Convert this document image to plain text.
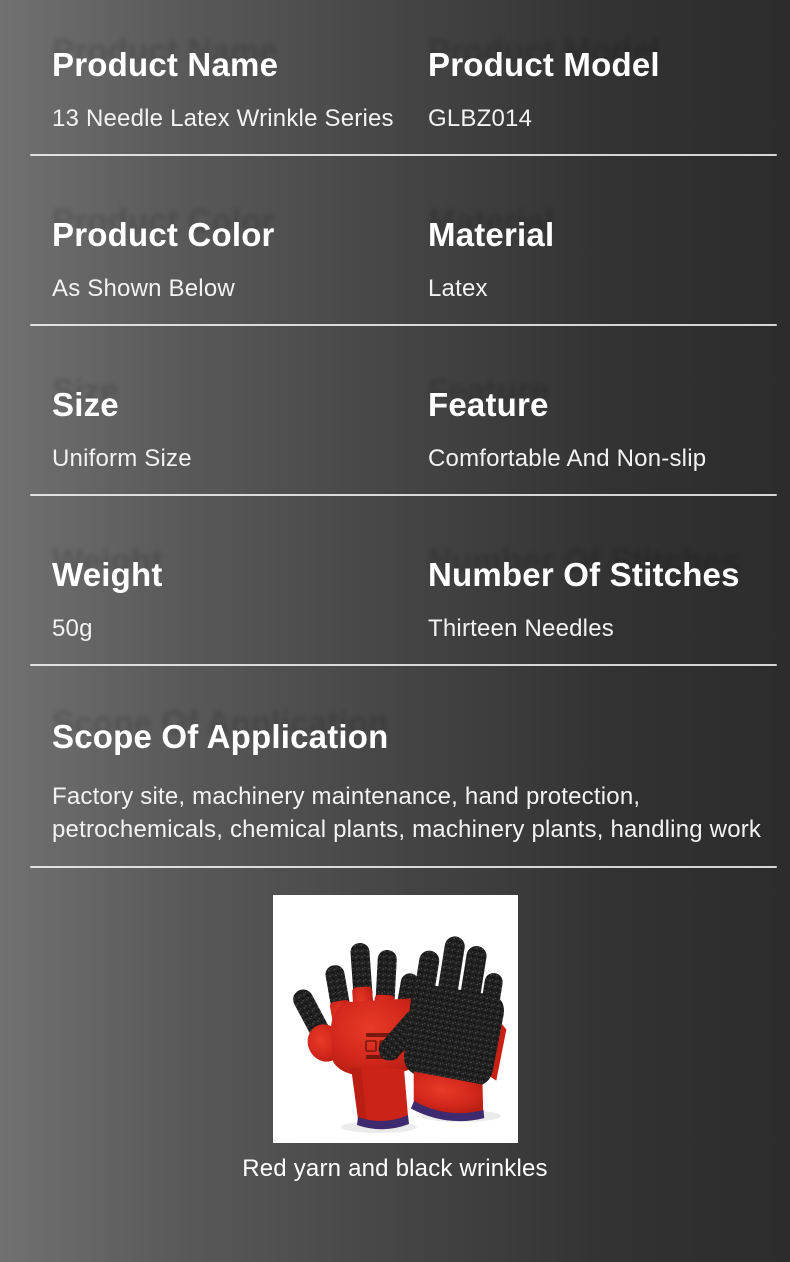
Product Name
13 Needle Latex Wrinkle Series
Product Model
GLBZ014
Product Color
As Shown Below
Material
Latex
Size
Uniform Size
Feature
Comfortable And Non-slip
Weight
50g
Number Of Stitches
Thirteen Needles
Scope Of Application
Factory site, machinery maintenance, hand protection, petrochemicals, chemical plants, machinery plants, handling work
Red yarn and black wrinkles
